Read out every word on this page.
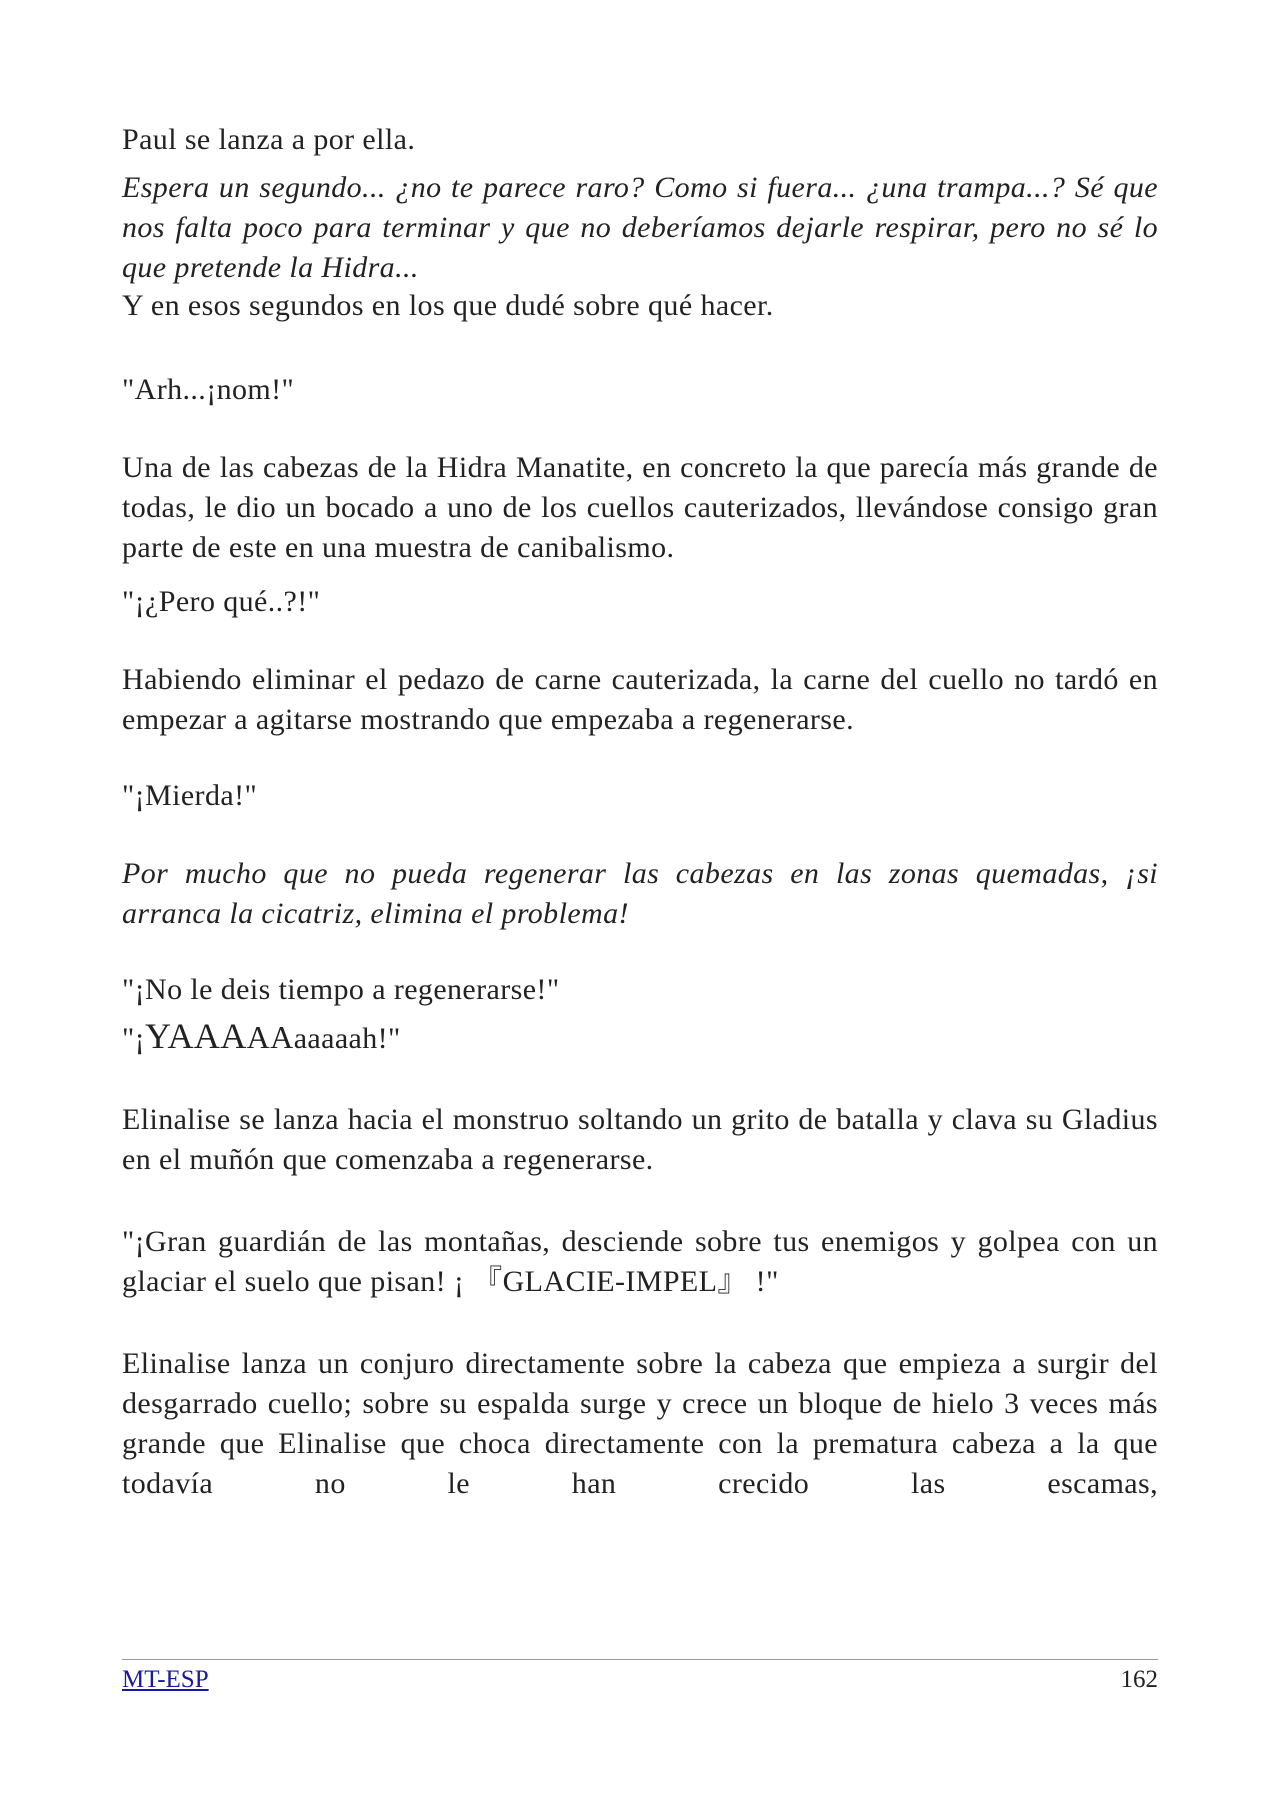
Paul se lanza a por ella.

Espera un segundo... ¿no te parece raro? Como si fuera... ¿una trampa...? Sé que nos falta poco para terminar y que no deberíamos dejarle respirar, pero no sé lo que pretende la Hidra...

Y en esos segundos en los que dudé sobre qué hacer.

"Arh...¡nom!"

Una de las cabezas de la Hidra Manatite, en concreto la que parecía más grande de todas, le dio un bocado a uno de los cuellos cauterizados, llevándose consigo gran parte de este en una muestra de canibalismo.

"¡¿Pero qué..?!"

Habiendo eliminar el pedazo de carne cauterizada, la carne del cuello no tardó en empezar a agitarse mostrando que empezaba a regenerarse.

"¡Mierda!"

Por mucho que no pueda regenerar las cabezas en las zonas quemadas, ¡si arranca la cicatriz, elimina el problema!

"¡No le deis tiempo a regenerarse!"

"¡YAAAAAaaaaah!"

Elinalise se lanza hacia el monstruo soltando un grito de batalla y clava su Gladius en el muñón que comenzaba a regenerarse.

"¡Gran guardián de las montañas, desciende sobre tus enemigos y golpea con un glaciar el suelo que pisan! ¡ 『GLACIE-IMPEL』 !"

Elinalise lanza un conjuro directamente sobre la cabeza que empieza a surgir del desgarrado cuello; sobre su espalda surge y crece un bloque de hielo 3 veces más grande que Elinalise que choca directamente con la prematura cabeza a la que todavía no le han crecido las escamas,

MT-ESP	162
